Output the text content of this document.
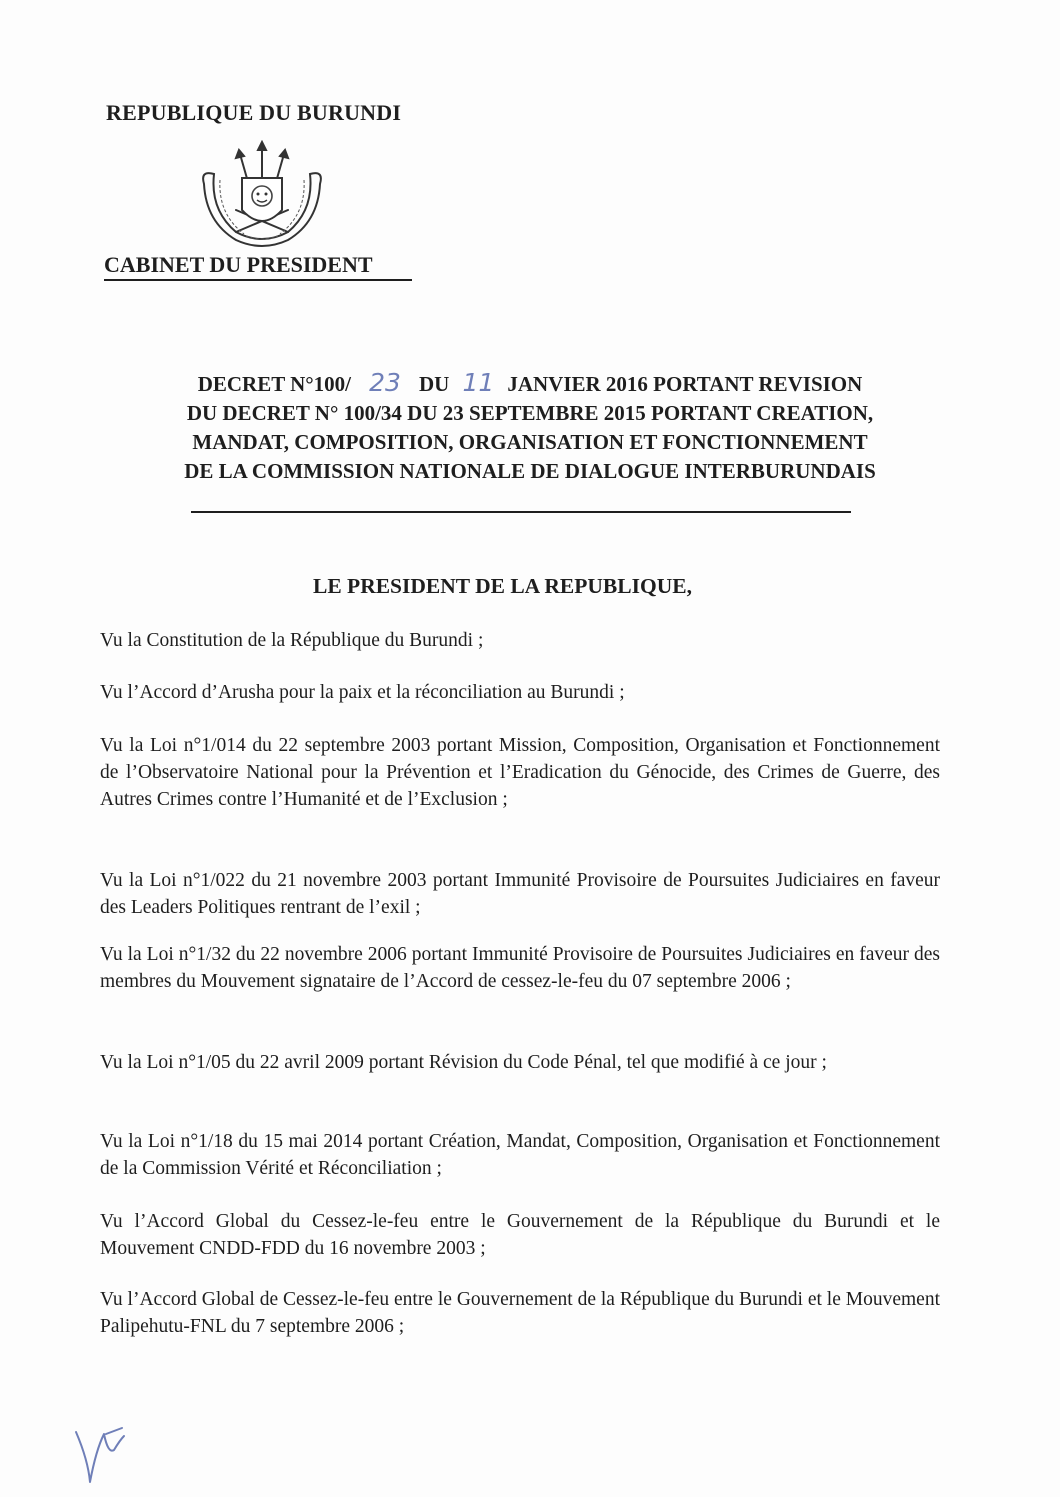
REPUBLIQUE DU BURUNDI
CABINET DU PRESIDENT
DECRET N°100/ 23 DU 11 JANVIER 2016 PORTANT REVISION
DU DECRET N° 100/34 DU 23 SEPTEMBRE 2015 PORTANT CREATION,
MANDAT, COMPOSITION, ORGANISATION ET FONCTIONNEMENT
DE LA COMMISSION NATIONALE DE DIALOGUE INTERBURUNDAIS
LE PRESIDENT DE LA REPUBLIQUE,
Vu la Constitution de la République du Burundi ;
Vu l’Accord d’Arusha pour la paix et la réconciliation au Burundi ;
Vu la Loi n°1/014 du 22 septembre 2003 portant Mission, Composition, Organisation et Fonctionnement de l’Observatoire National pour la Prévention et l’Eradication du Génocide, des Crimes de Guerre, des Autres Crimes contre l’Humanité et de l’Exclusion ;
Vu la Loi n°1/022 du 21 novembre 2003 portant Immunité Provisoire de Poursuites Judiciaires en faveur des Leaders Politiques rentrant de l’exil ;
Vu la Loi n°1/32 du 22 novembre 2006 portant Immunité Provisoire de Poursuites Judiciaires en faveur des membres du Mouvement signataire de l’Accord de cessez-le-feu du 07 septembre 2006 ;
Vu la Loi n°1/05 du 22 avril 2009 portant Révision du Code Pénal, tel que modifié à ce jour ;
Vu la Loi n°1/18 du 15 mai 2014 portant Création, Mandat, Composition, Organisation et Fonctionnement de la Commission Vérité et Réconciliation ;
Vu l’Accord Global du Cessez-le-feu entre le Gouvernement de la République du Burundi et le Mouvement CNDD-FDD du 16 novembre 2003 ;
Vu l’Accord Global de Cessez-le-feu entre le Gouvernement de la République du Burundi et le Mouvement Palipehutu-FNL du 7 septembre 2006 ;
